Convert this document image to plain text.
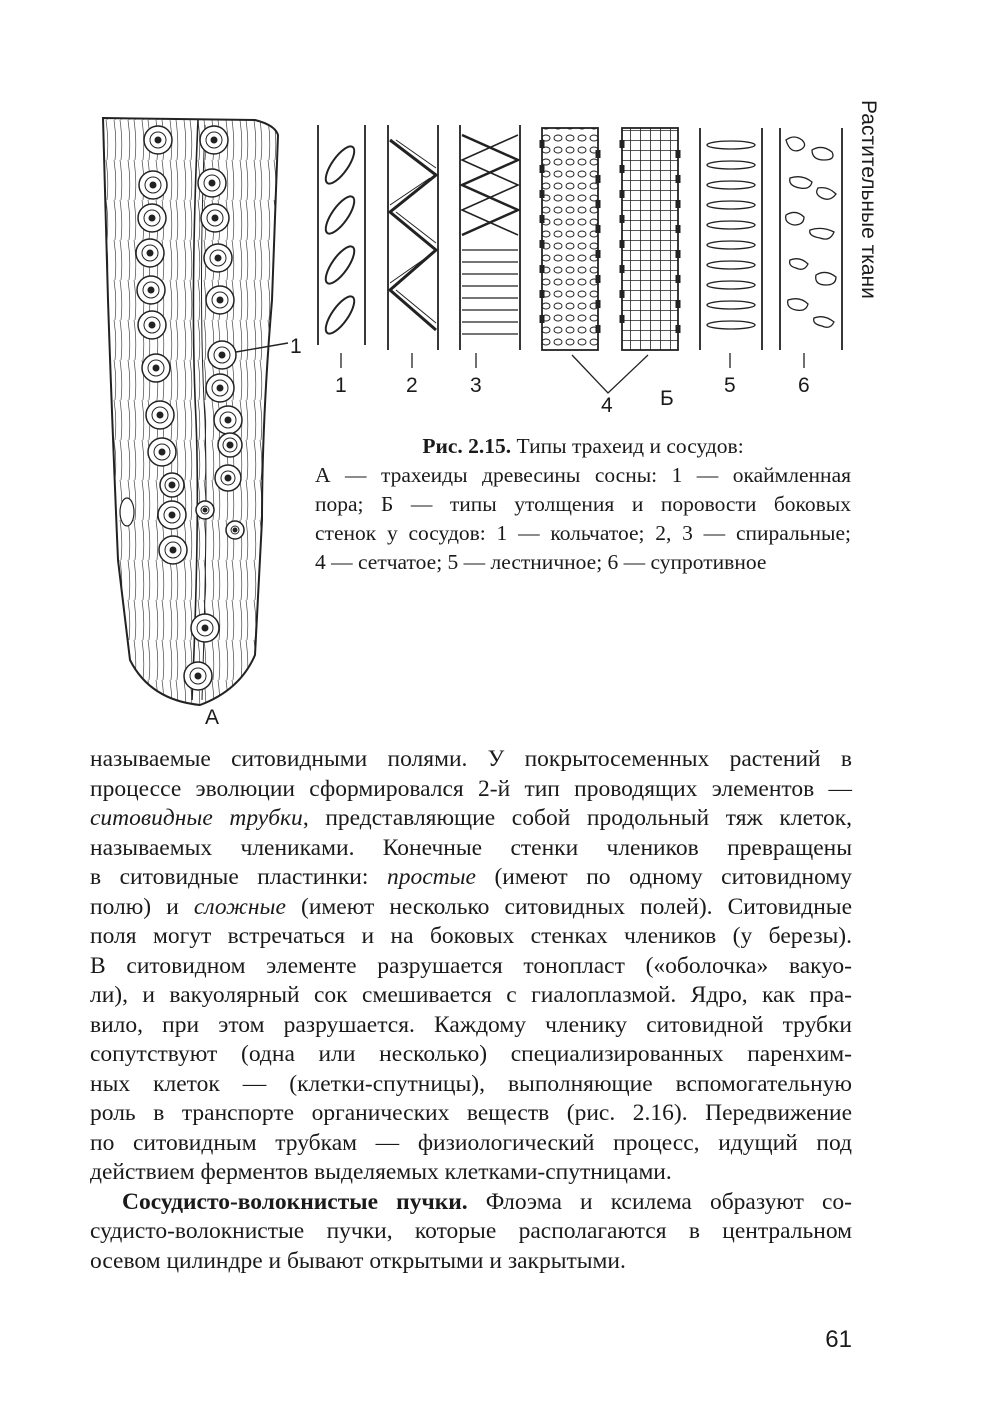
Растительные ткани
1
А
1	2 3
4 Б
5	6
Рис. 2.15. Типы трахеид и сосудов:
А — трахеиды древесины сосны: 1 — окаймленная
пора; Б — типы утолщения и поровости боковых
стенок у сосудов: 1 — кольчатое; 2, 3 — спиральные;
4 — сетчатое; 5 — лестничное; 6 — супротивное
называемые ситовидными полями. У покрытосеменных растений в
процессе эволюции сформировался 2-й тип проводящих элементов —
ситовидные трубки, представляющие собой продольный тяж клеток,
называемых члениками. Конечные стенки члеников превращены
в ситовидные пластинки: простые (имеют по одному ситовидному
полю) и сложные (имеют несколько ситовидных полей). Ситовидные
поля могут встречаться и на боковых стенках члеников (у березы).
В ситовидном элементе разрушается тонопласт («оболочка» вакуо-
ли), и вакуолярный сок смешивается с гиалоплазмой. Ядро, как пра-
вило, при этом разрушается. Каждому членику ситовидной трубки
сопутствуют (одна или несколько) специализированных паренхим-
ных клеток — (клетки-спутницы), выполняющие вспомогательную
роль в транспорте органических веществ (рис. 2.16). Передвижение
по ситовидным трубкам — физиологический процесс, идущий под
действием ферментов выделяемых клетками-спутницами.
Сосудисто-волокнистые пучки. Флоэма и ксилема образуют со-
судисто-волокнистые пучки, которые располагаются в центральном
осевом цилиндре и бывают открытыми и закрытыми.
61
